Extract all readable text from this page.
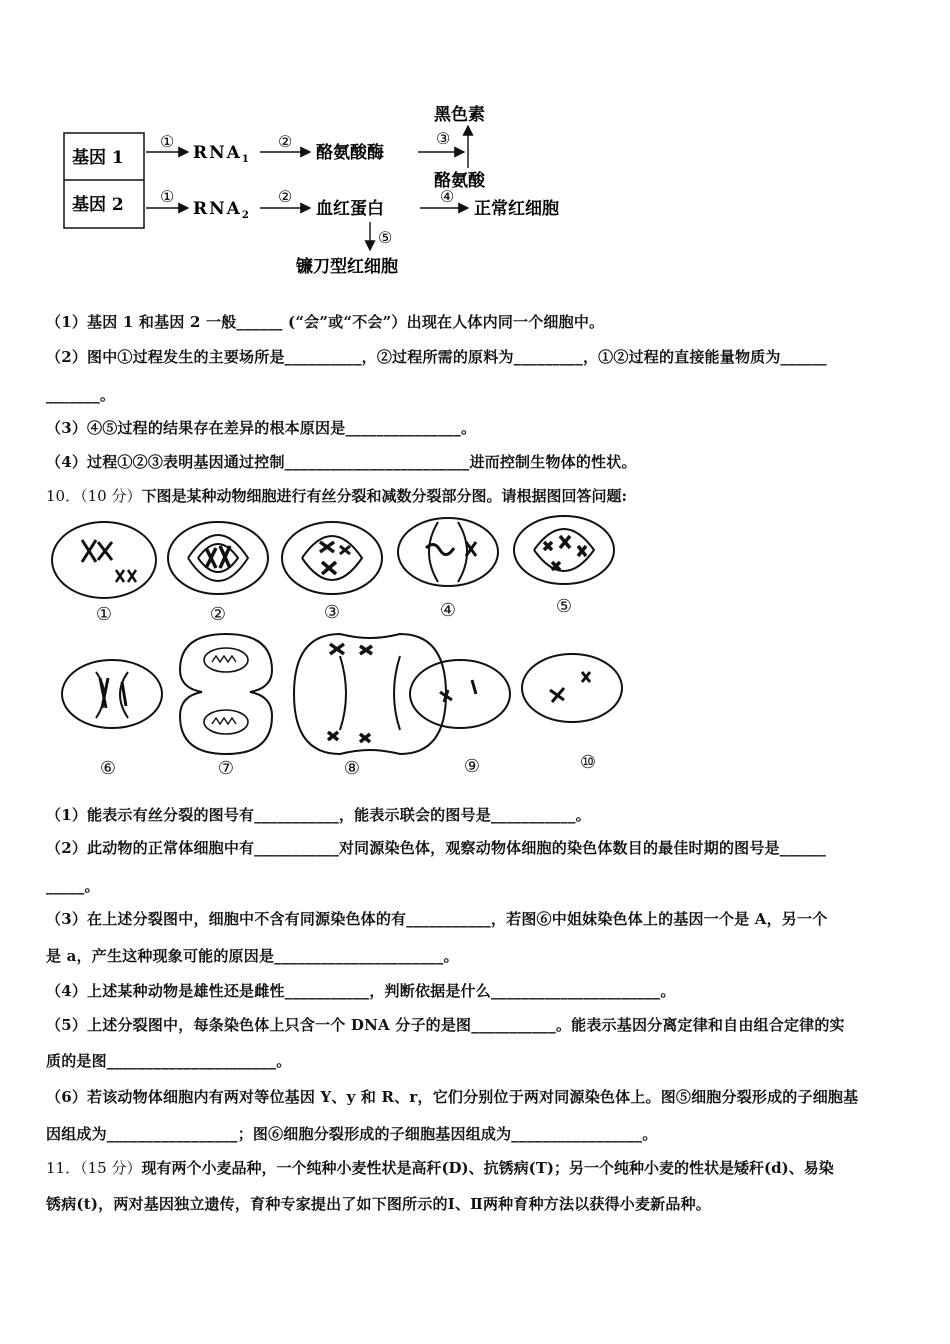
基因 1
基因 2
①
$RNA_1$
②
酪氨酸酶
③
黑色素
酪氨酸
①
$RNA_2$
②
血红蛋白
④
正常红细胞
⑤
镰刀型红细胞
（1）基因 1 和基因 2 一般______ (“会”或“不会”）出现在人体内同一个细胞中。
（2）图中①过程发生的主要场所是__________，②过程所需的原料为_________，①②过程的直接能量物质为______
_______。
（3）④⑤过程的结果存在差异的根本原因是_______________。
（4）过程①②③表明基因通过控制________________________进而控制生物体的性状。
10．（10 分）下图是某种动物细胞进行有丝分裂和减数分裂部分图。请根据图回答问题:
①	②	③	④	⑤
⑥	⑦	⑧	⑨	⑩
（1）能表示有丝分裂的图号有___________，能表示联会的图号是___________。
（2）此动物的正常体细胞中有___________对同源染色体，观察动物体细胞的染色体数目的最佳时期的图号是______
_____。
（3）在上述分裂图中，细胞中不含有同源染色体的有___________，若图⑥中姐妹染色体上的基因一个是 A，另一个
是 a，产生这种现象可能的原因是______________________。
（4）上述某种动物是雄性还是雌性___________，判断依据是什么______________________。
（5）上述分裂图中，每条染色体上只含一个 DNA 分子的是图___________。能表示基因分离定律和自由组合定律的实
质的是图______________________。
（6）若该动物体细胞内有两对等位基因 Y、y 和 R、r，它们分别位于两对同源染色体上。图⑤细胞分裂形成的子细胞基
因组成为_________________；图⑥细胞分裂形成的子细胞基因组成为_________________。
11．（15 分）现有两个小麦品种，一个纯种小麦性状是高秆(D)、抗锈病(T)；另一个纯种小麦的性状是矮秆(d)、易染
锈病(t)，两对基因独立遗传，育种专家提出了如下图所示的Ⅰ、Ⅱ两种育种方法以获得小麦新品种。
